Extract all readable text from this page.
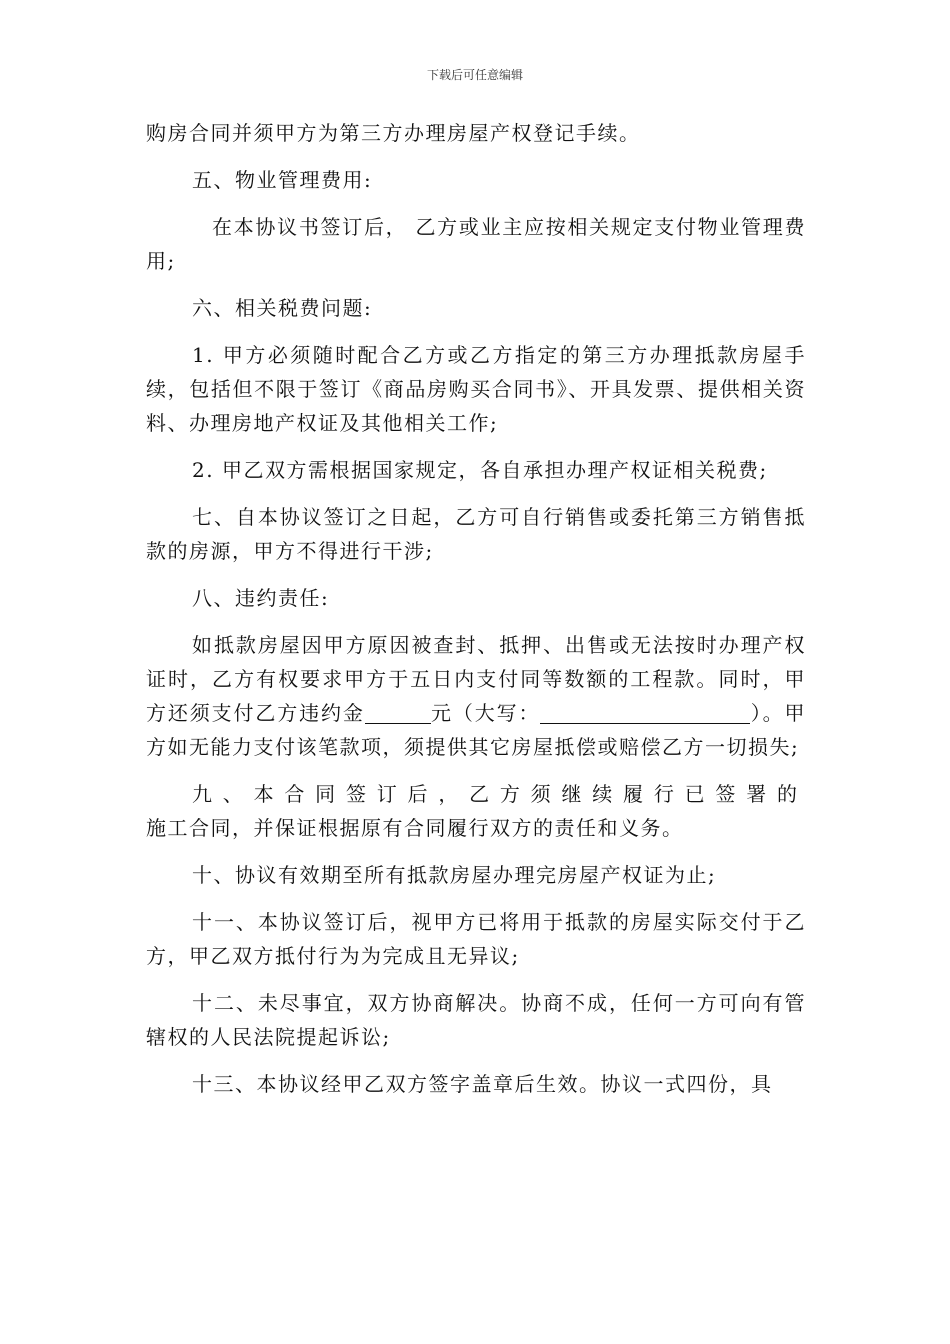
下载后可任意编辑

购房合同并须甲方为第三方办理房屋产权登记手续。

五、物业管理费用:

在本协议书签订后， 乙方或业主应按相关规定支付物业管理费用;

六、相关税费问题:

1. 甲方必须随时配合乙方或乙方指定的第三方办理抵款房屋手续，包括但不限于签订《商品房购买合同书》、开具发票、提供相关资料、办理房地产权证及其他相关工作;

2. 甲乙双方需根据国家规定，各自承担办理产权证相关税费;

七、自本协议签订之日起，乙方可自行销售或委托第三方销售抵款的房源，甲方不得进行干涉;

八、违约责任:

如抵款房屋因甲方原因被查封、抵押、出售或无法按时办理产权证时，乙方有权要求甲方于五日内支付同等数额的工程款。同时，甲方还须支付乙方违约金	元（大写：	）。甲方如无能力支付该笔款项，须提供其它房屋抵偿或赔偿乙方一切损失;

九、本合同签订后，乙方须继续履行已签署的

施工合同，并保证根据原有合同履行双方的责任和义务。

十、协议有效期至所有抵款房屋办理完房屋产权证为止;

十一、本协议签订后，视甲方已将用于抵款的房屋实际交付于乙方，甲乙双方抵付行为为完成且无异议;

十二、未尽事宜，双方协商解决。协商不成，任何一方可向有管辖权的人民法院提起诉讼;

十三、本协议经甲乙双方签字盖章后生效。协议一式四份，具
